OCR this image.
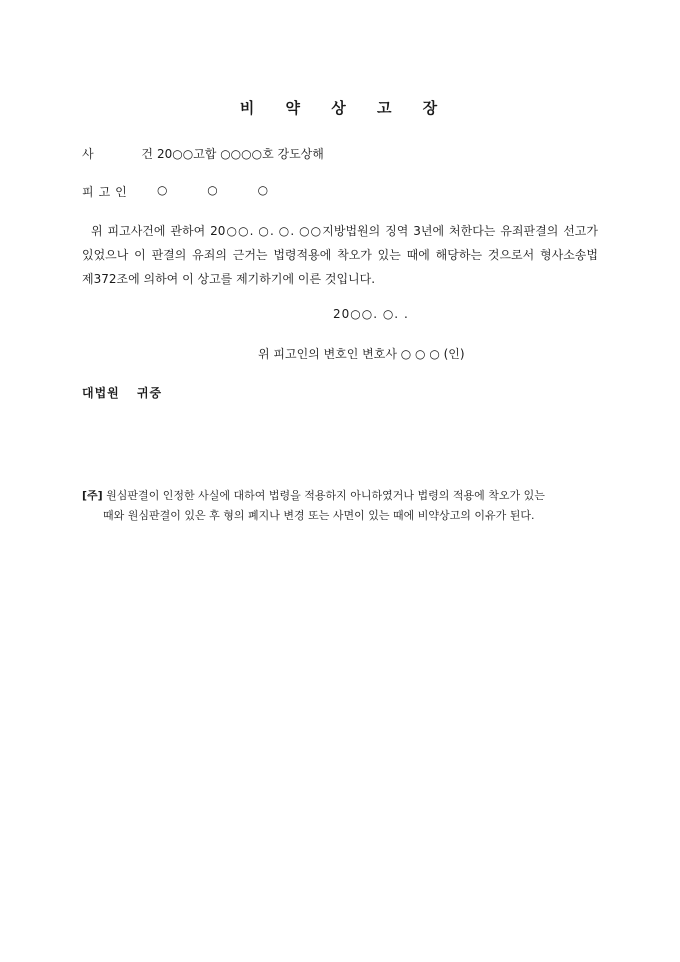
비 약 상 고 장
사 건
20○○고합 ○○○○호 강도상해
피고인 ○ ○ ○
위 피고사건에 관하여 20○○. ○. ○. ○○지방법원의 징역 3년에 처한다는 유죄판결의 선고가 있었으나 이 판결의 유죄의 근거는 법령적용에 착오가 있는 때에 해당하는 것으로서 형사소송법 제372조에 의하여 이 상고를 제기하기에 이른 것입니다.
20○○. ○. .
위 피고인의 변호인 변호사 ○ ○ ○ (인)
대법원 귀중
[주] 원심판결이 인정한 사실에 대하여 법령을 적용하지 아니하였거나 법령의 적용에 착오가 있는
때와 원심판결이 있은 후 형의 폐지나 변경 또는 사면이 있는 때에 비약상고의 이유가 된다.
